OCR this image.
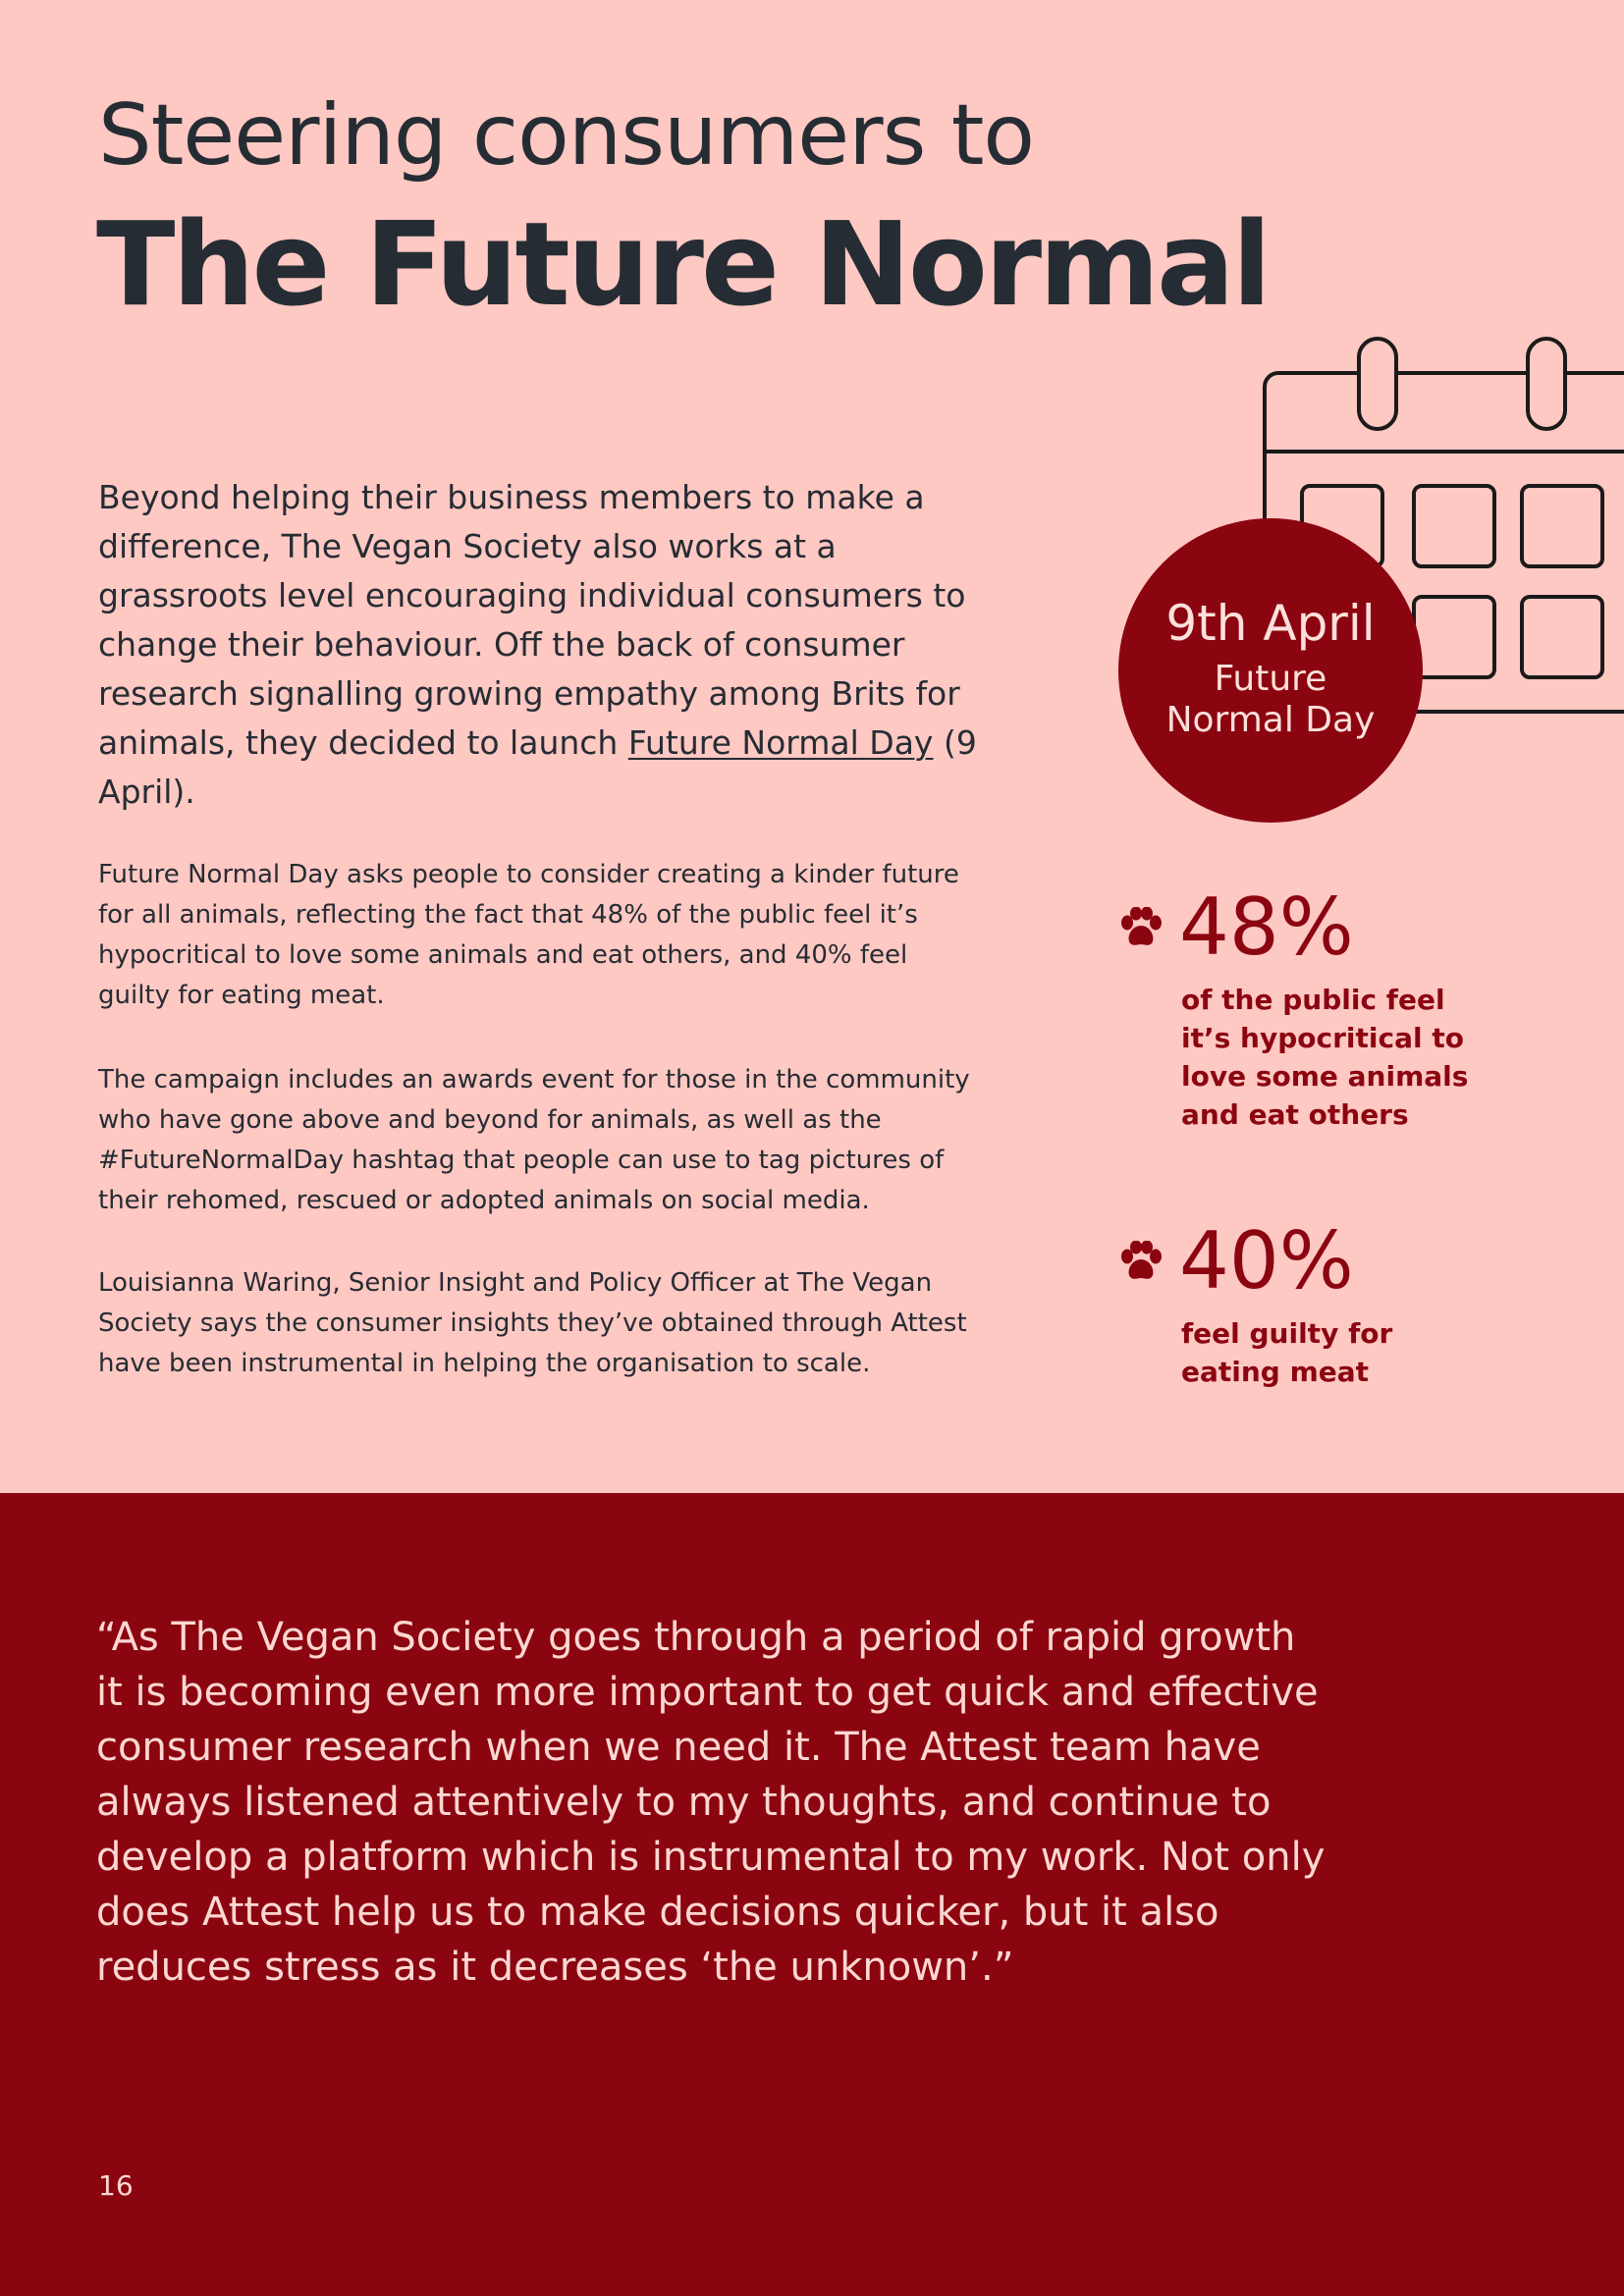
Steering consumers to
The Future Normal
Beyond helping their business members to make a difference, The Vegan Society also works at a grassroots level encouraging individual consumers to change their behaviour. Off the back of consumer research signalling growing empathy among Brits for animals, they decided to launch Future Normal Day (9 April).

Future Normal Day asks people to consider creating a kinder future for all animals, reflecting the fact that 48% of the public feel it’s hypocritical to love some animals and eat others, and 40% feel guilty for eating meat.

The campaign includes an awards event for those in the community who have gone above and beyond for animals, as well as the #FutureNormalDay hashtag that people can use to tag pictures of their rehomed, rescued or adopted animals on social media.

Louisianna Waring, Senior Insight and Policy Officer at The Vegan Society says the consumer insights they’ve obtained through Attest have been instrumental in helping the organisation to scale.

9th April
Future Normal Day
48%
of the public feel it’s hypocritical to love some animals and eat others
40%
feel guilty for eating meat
“As The Vegan Society goes through a period of rapid growth it is becoming even more important to get quick and effective consumer research when we need it. The Attest team have always listened attentively to my thoughts, and continue to develop a platform which is instrumental to my work. Not only does Attest help us to make decisions quicker, but it also reduces stress as it decreases ‘the unknown’.”
16
